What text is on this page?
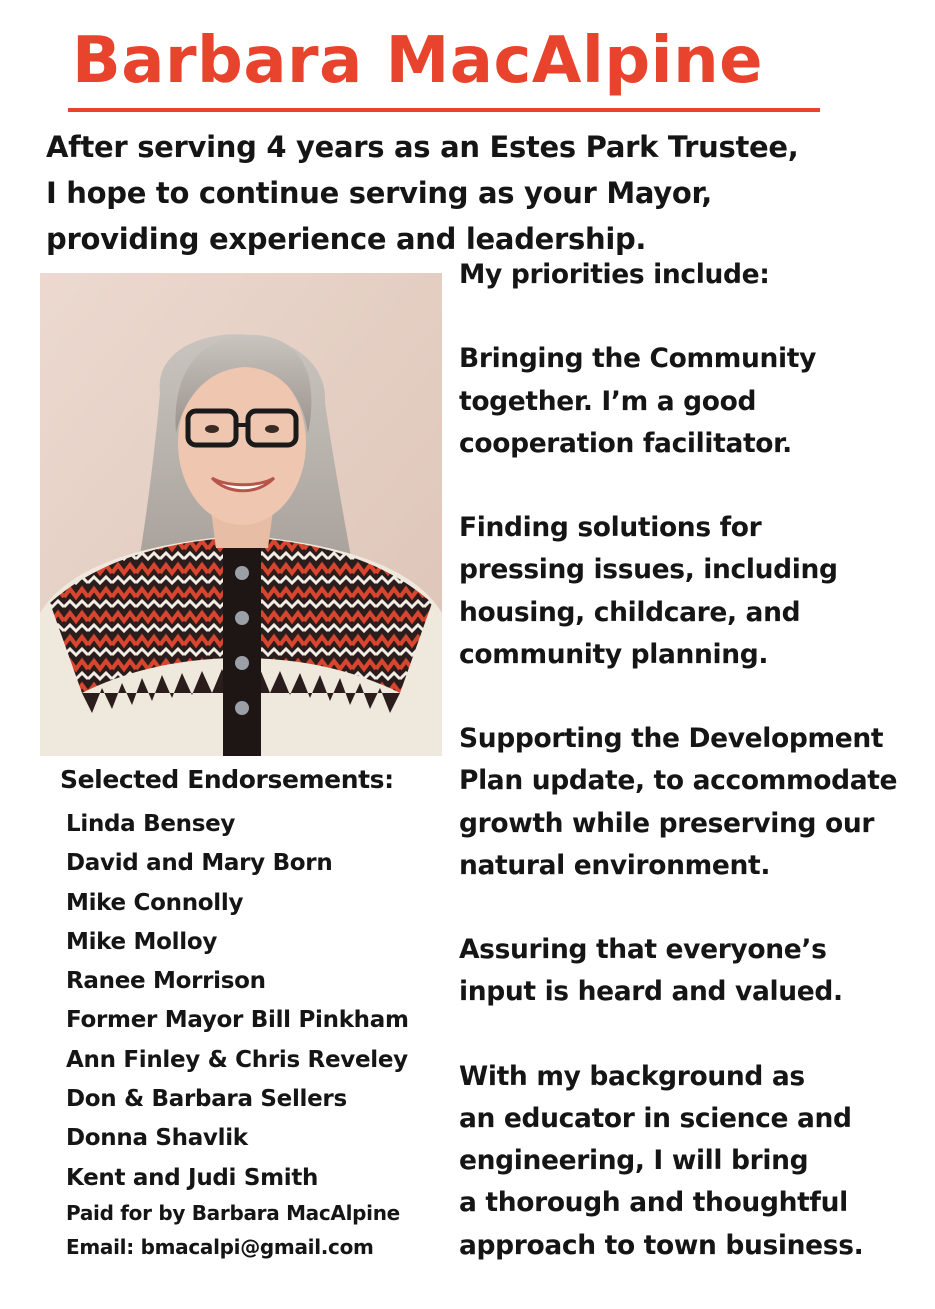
Barbara MacAlpine
After serving 4 years as an Estes Park Trustee,
I hope to continue serving as your Mayor,
providing experience and leadership.
Selected Endorsements:
Linda Bensey
David and Mary Born
Mike Connolly
Mike Molloy
Ranee Morrison
Former Mayor Bill Pinkham
Ann Finley & Chris Reveley
Don & Barbara Sellers
Donna Shavlik
Kent and Judi Smith
Paid for by Barbara MacAlpine
Email: bmacalpi@gmail.com
My priorities include:
Bringing the Community
together. I’m a good
cooperation facilitator.
Finding solutions for
pressing issues, including
housing, childcare, and
community planning.
Supporting the Development
Plan update, to accommodate
growth while preserving our
natural environment.
Assuring that everyone’s
input is heard and valued.
With my background as
an educator in science and
engineering, I will bring
a thorough and thoughtful
approach to town business.
